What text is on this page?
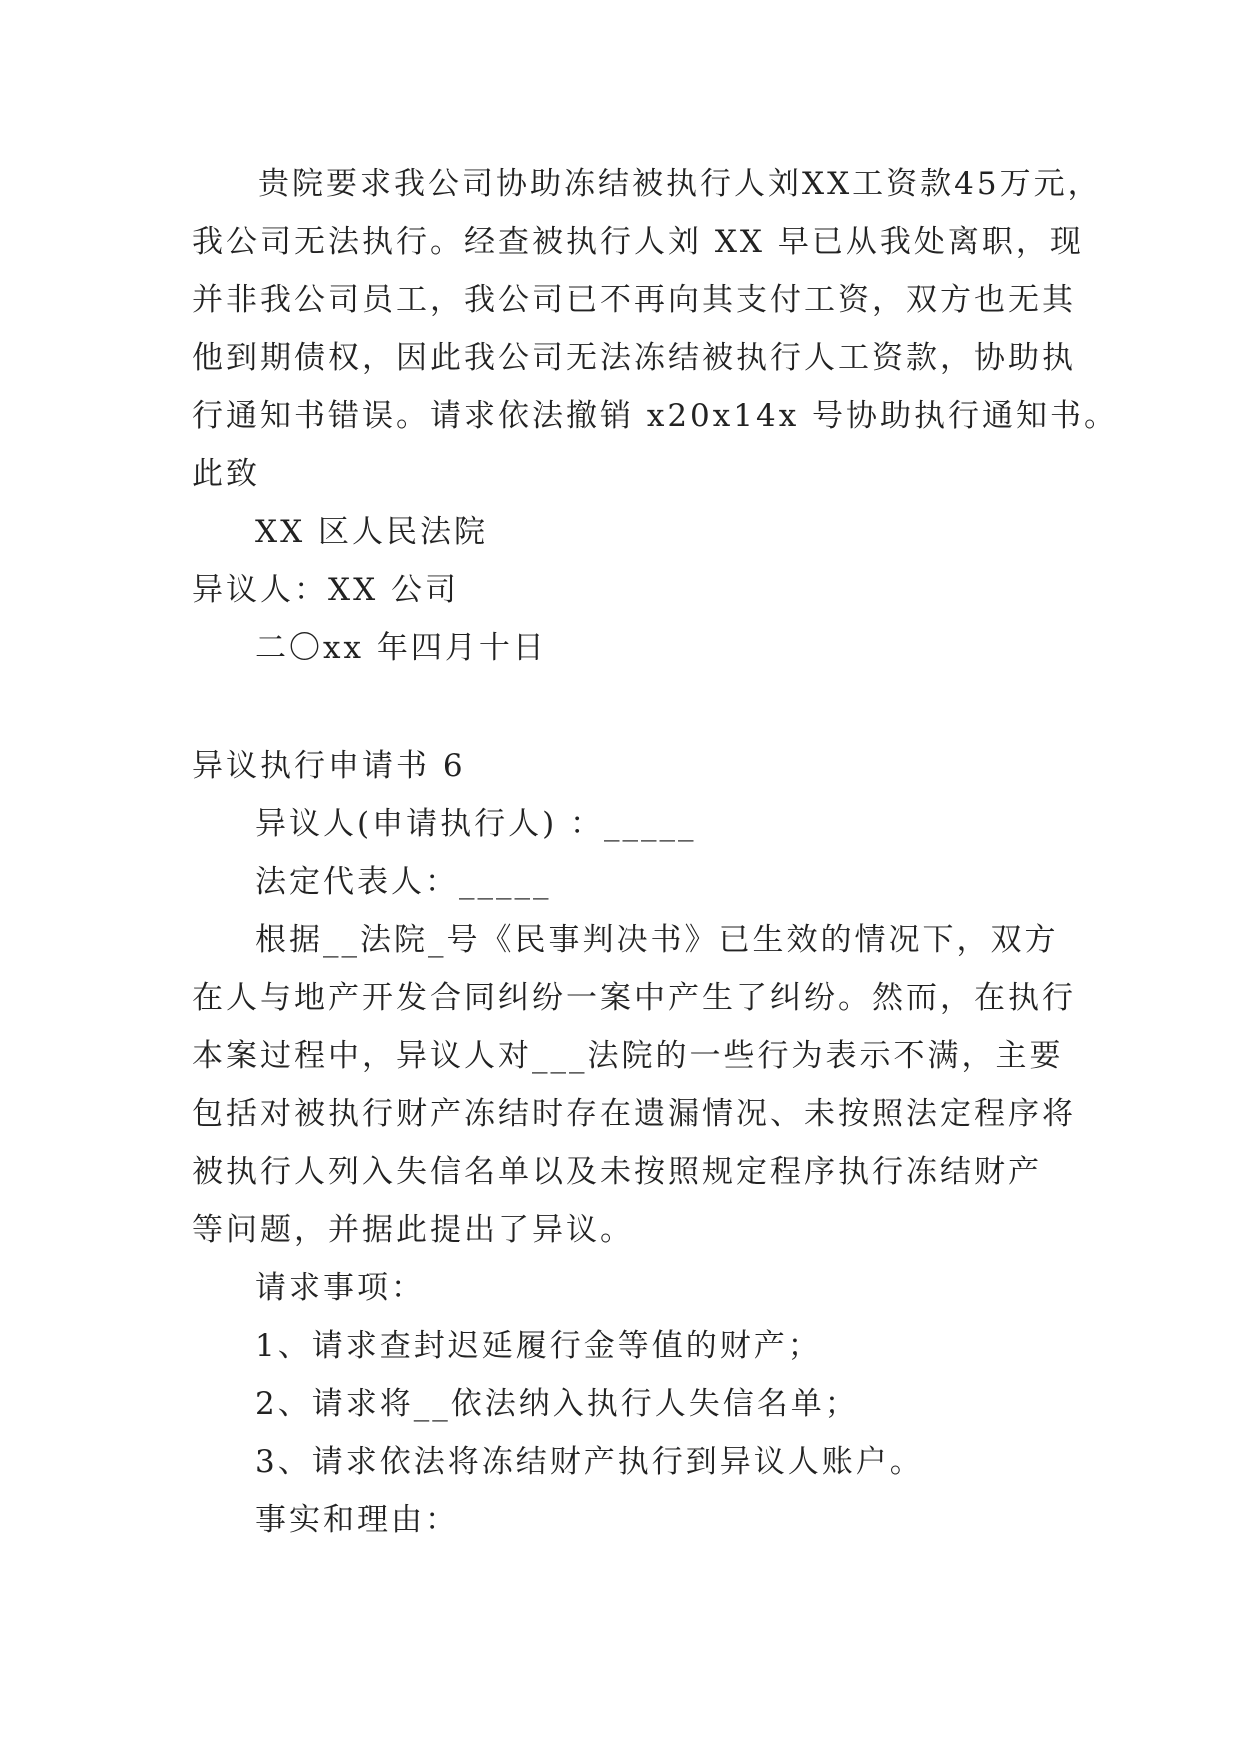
贵院要求我公司协助冻结被执行人刘XX工资款45万元，
我公司无法执行。经查被执行人刘 XX 早已从我处离职，现
并非我公司员工，我公司已不再向其支付工资，双方也无其
他到期债权，因此我公司无法冻结被执行人工资款，协助执
行通知书错误。请求依法撤销 x20x14x 号协助执行通知书。
此致
XX 区人民法院
异议人：XX 公司
二〇xx 年四月十日
异议执行申请书 6
异议人(申请执行人) ：_____
法定代表人：_____
根据__法院_号《民事判决书》已生效的情况下，双方
在人与地产开发合同纠纷一案中产生了纠纷。然而，在执行
本案过程中，异议人对___法院的一些行为表示不满，主要
包括对被执行财产冻结时存在遗漏情况、未按照法定程序将
被执行人列入失信名单以及未按照规定程序执行冻结财产
等问题，并据此提出了异议。
请求事项：
1、请求查封迟延履行金等值的财产；
2、请求将__依法纳入执行人失信名单；
3、请求依法将冻结财产执行到异议人账户。
事实和理由：
